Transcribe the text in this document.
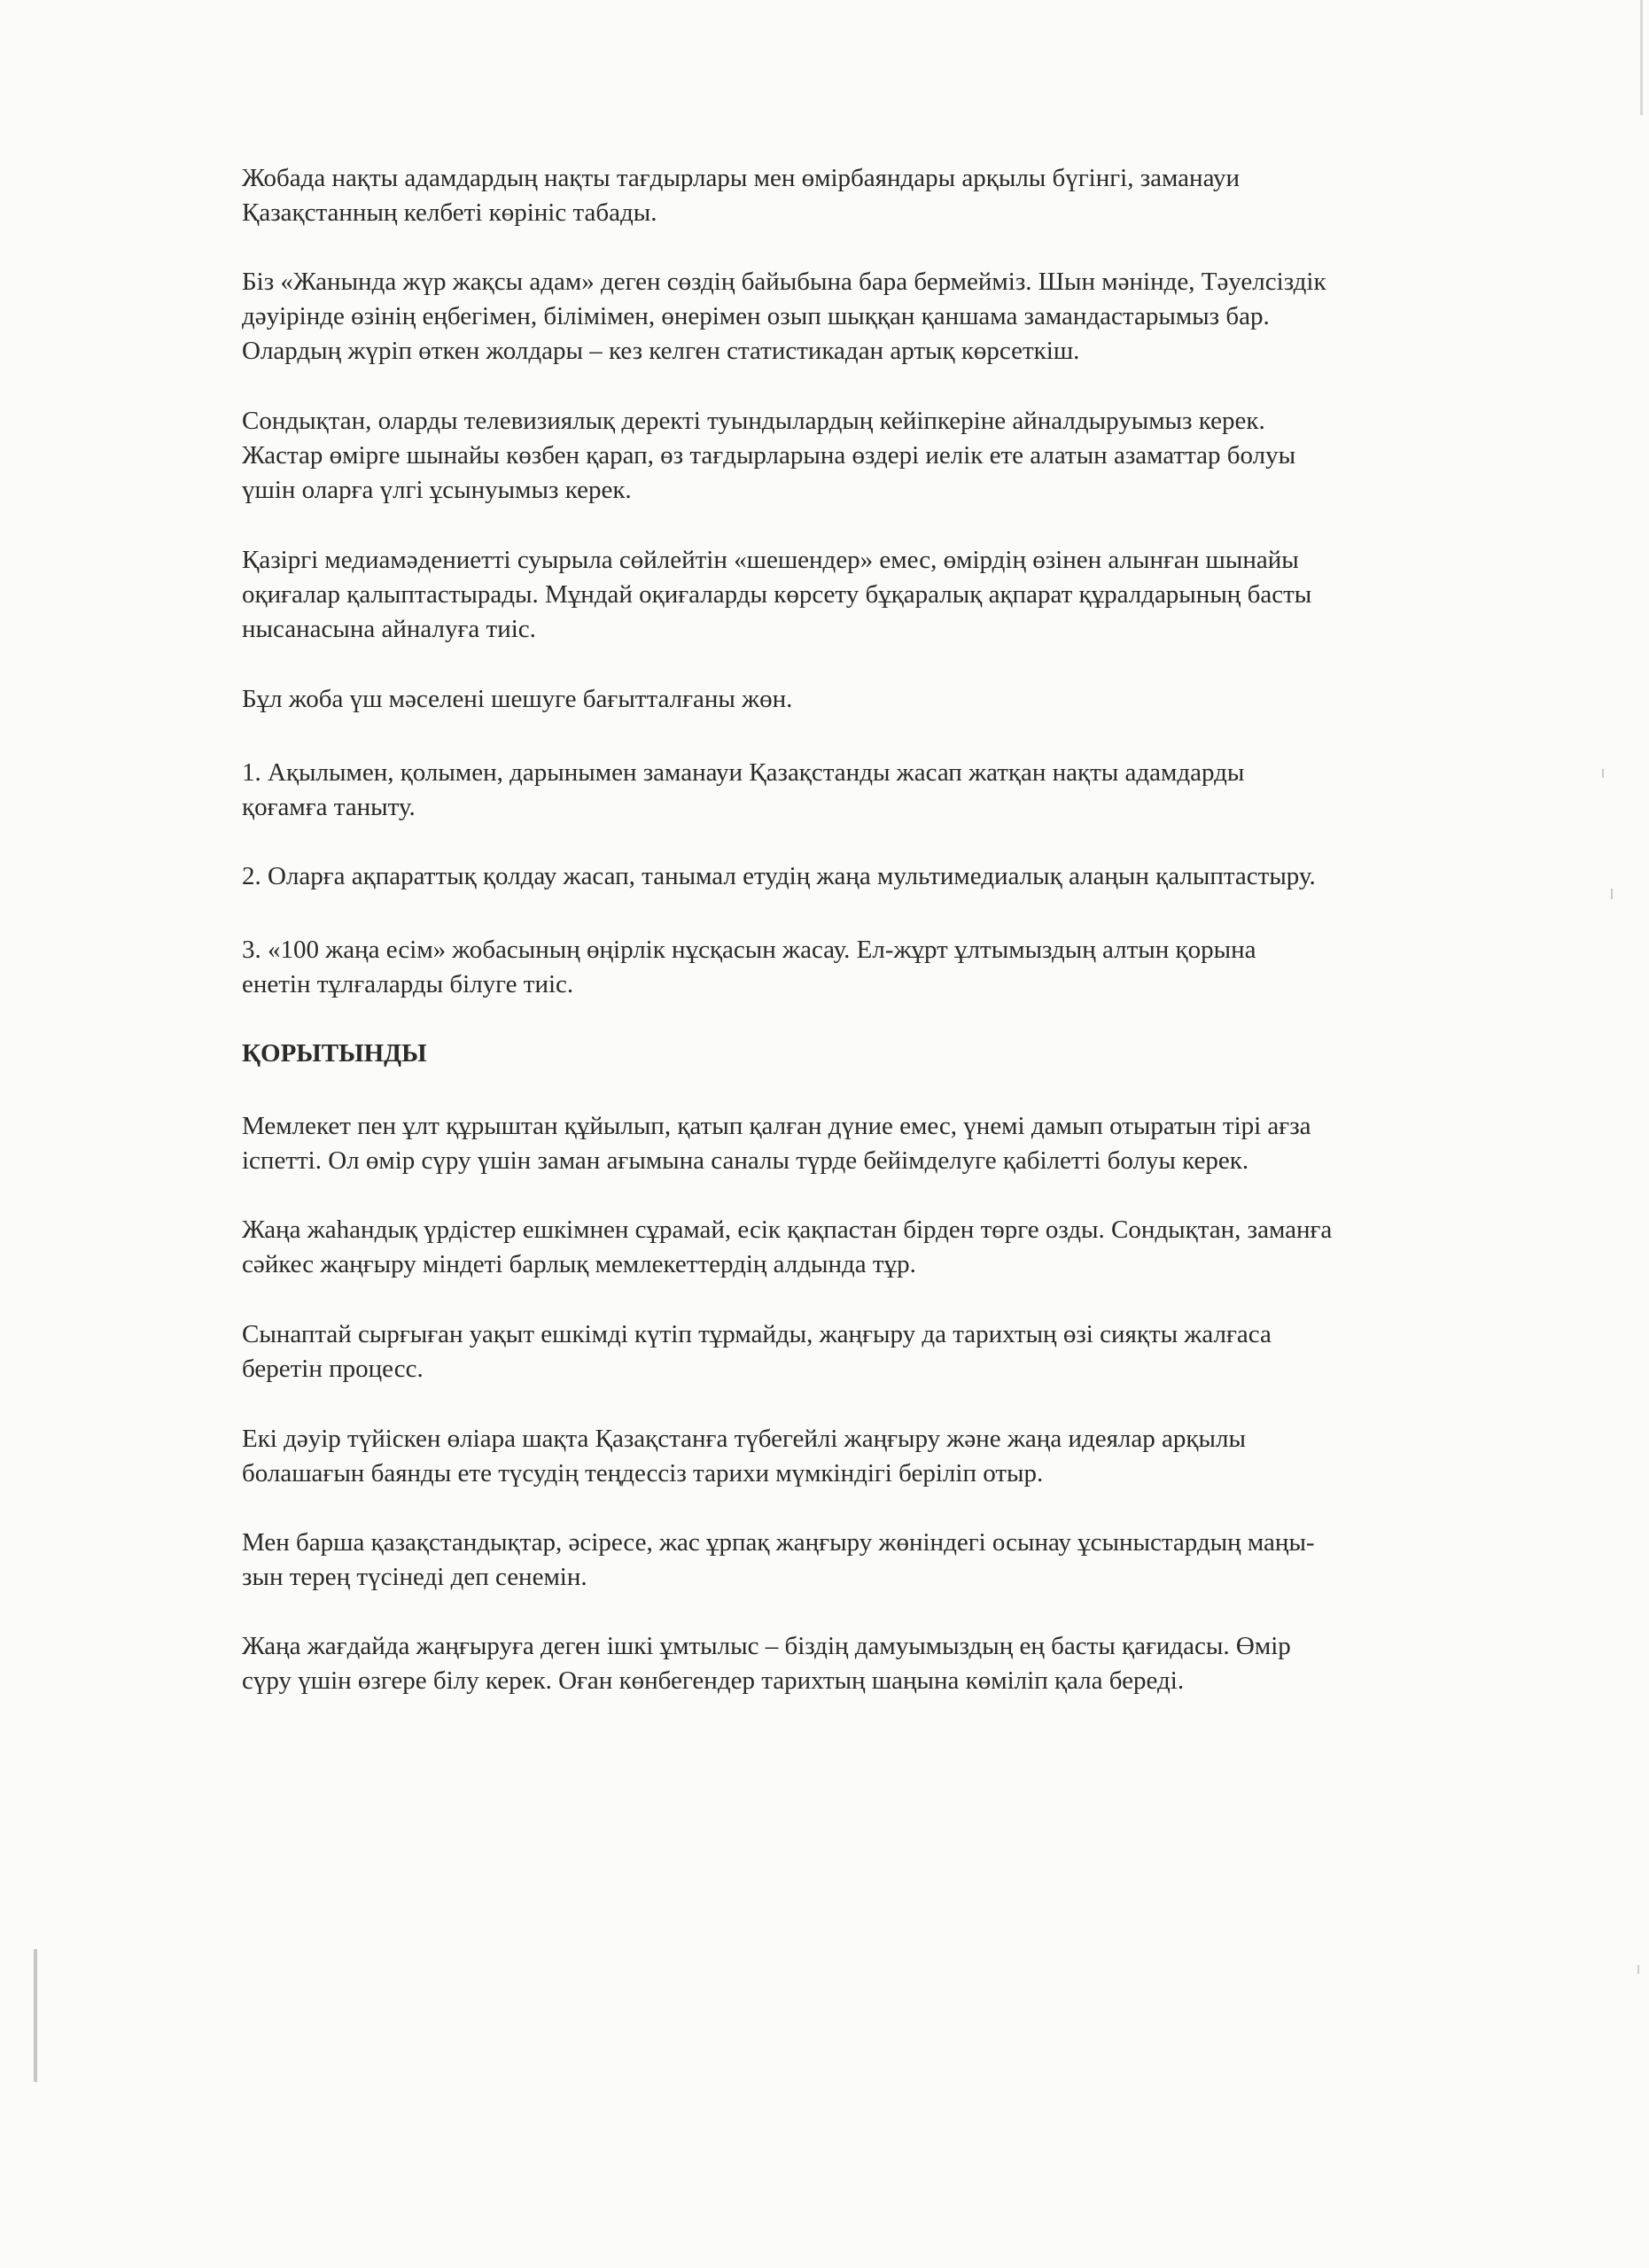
Жобада нақты адамдардың нақты тағдырлары мен өмірбаяндары арқылы бүгінгі, заманауи
Қазақстанның келбеті көрініс табады.

Біз «Жанында жүр жақсы адам» деген сөздің байыбына бара бермейміз. Шын мәнінде, Тәуелсіздік
дәуірінде өзінің еңбегімен, білімімен, өнерімен озып шыққан қаншама замандастарымыз бар.
Олардың жүріп өткен жолдары – кез келген статистикадан артық көрсеткіш.

Сондықтан, оларды телевизиялық деректі туындылардың кейіпкеріне айналдыруымыз керек.
Жастар өмірге шынайы көзбен қарап, өз тағдырларына өздері иелік ете алатын азаматтар болуы
үшін оларға үлгі ұсынуымыз керек.

Қазіргі медиамәдениетті суырыла сөйлейтін «шешендер» емес, өмірдің өзінен алынған шынайы
оқиғалар қалыптастырады. Мұндай оқиғаларды көрсету бұқаралық ақпарат құралдарының басты
нысанасына айналуға тиіс.

Бұл жоба үш мәселені шешуге бағытталғаны жөн.

1. Ақылымен, қолымен, дарынымен заманауи Қазақстанды жасап жатқан нақты адамдарды
қоғамға таныту.

2. Оларға ақпараттық қолдау жасап, танымал етудің жаңа мультимедиалық алаңын қалыптастыру.

3. «100 жаңа есім» жобасының өңірлік нұсқасын жасау. Ел-жұрт ұлтымыздың алтын қорына
енетін тұлғаларды білуге тиіс.

ҚОРЫТЫНДЫ

Мемлекет пен ұлт құрыштан құйылып, қатып қалған дүние емес, үнемі дамып отыратын тірі ағза
іспетті. Ол өмір сүру үшін заман ағымына саналы түрде бейімделуге қабілетті болуы керек.

Жаңа жаһандық үрдістер ешкімнен сұрамай, есік қақпастан бірден төрге озды. Сондықтан, заманға
сәйкес жаңғыру міндеті барлық мемлекеттердің алдында тұр.

Сынаптай сырғыған уақыт ешкімді күтіп тұрмайды, жаңғыру да тарихтың өзі сияқты жалғаса
беретін процесс.

Екі дәуір түйіскен өліара шақта Қазақстанға түбегейлі жаңғыру және жаңа идеялар арқылы
болашағын баянды ете түсудің теңдессіз тарихи мүмкіндігі беріліп отыр.

Мен барша қазақстандықтар, әсіресе, жас ұрпақ жаңғыру жөніндегі осынау ұсыныстардың маңы-
зын терең түсінеді деп сенемін.

Жаңа жағдайда жаңғыруға деген ішкі ұмтылыс – біздің дамуымыздың ең басты қағидасы. Өмір
сүру үшін өзгере білу керек. Оған көнбегендер тарихтың шаңына көміліп қала береді.
